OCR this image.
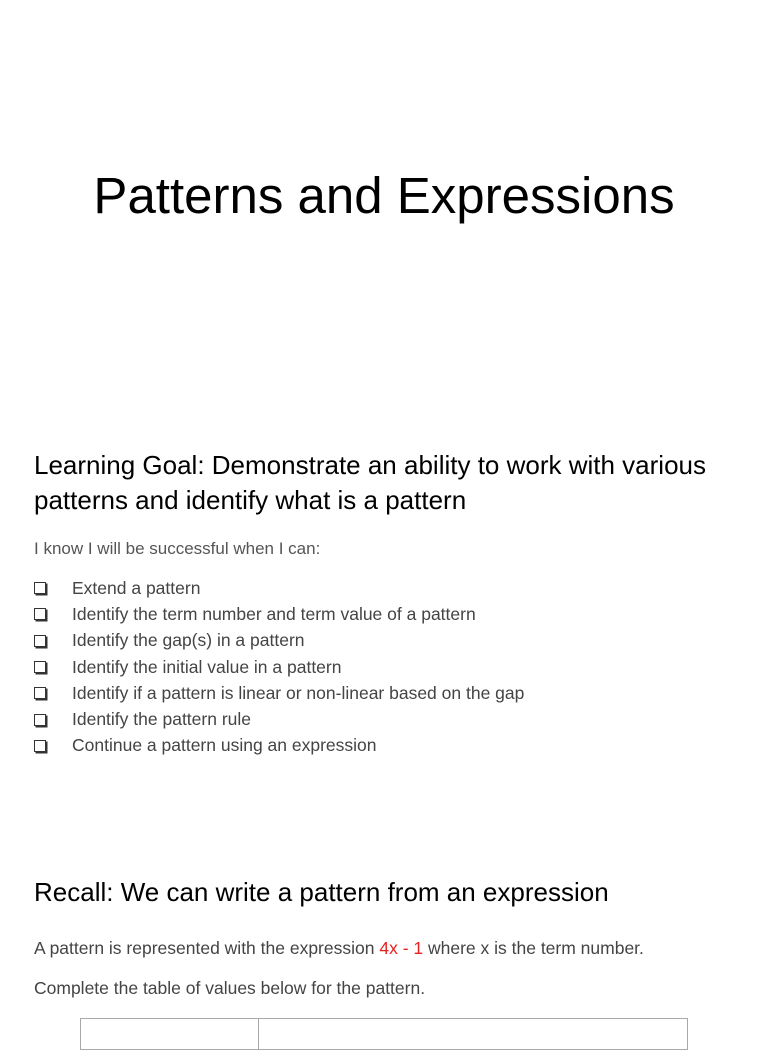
Patterns and Expressions
Learning Goal: Demonstrate an ability to work with various patterns and identify what is a pattern

I know I will be successful when I can:

Extend a pattern
Identify the term number and term value of a pattern
Identify the gap(s) in a pattern
Identify the initial value in a pattern
Identify if a pattern is linear or non-linear based on the gap
Identify the pattern rule
Continue a pattern using an expression
Recall: We can write a pattern from an expression

A pattern is represented with the expression 4x - 1 where x is the term number.

Complete the table of values below for the pattern.
